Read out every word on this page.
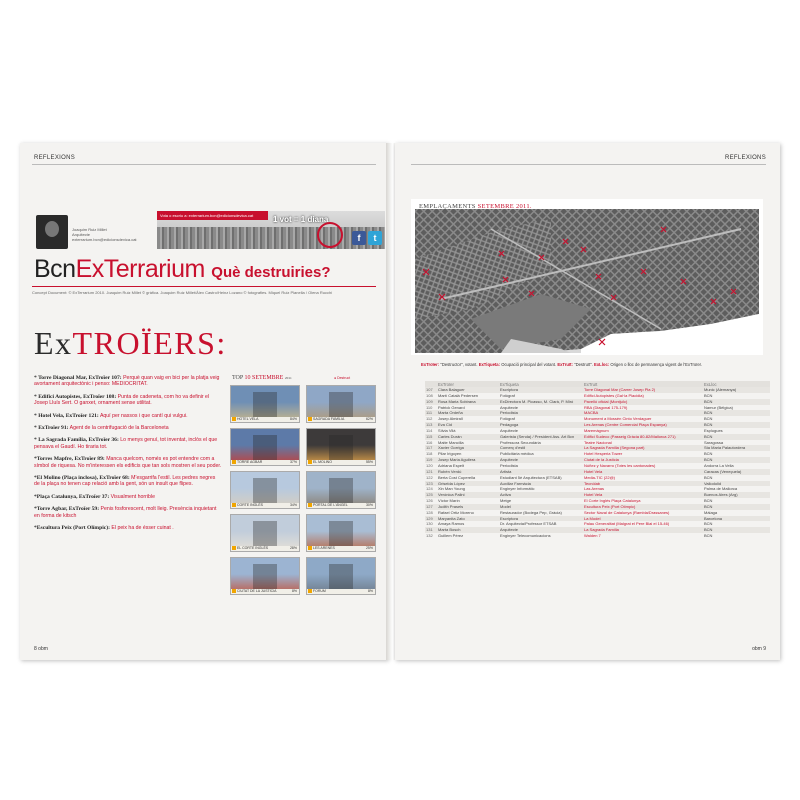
REFLEXIONS
Joaquim Ruiz Millet
Arquitecte
exterrarium.bcn@edicionsdevica.cat
Vota o escriu a: exterrarium.bcn@edicionsdevica.cat	1 vot = 1 diana
f	t
BcnExTerrarium Què destruiries?
Concept Document: © ExTerrarium 2010. Joaquim Ruiz Millet © gràfica. Joaquim Ruiz Millet/Àlex Castro/Heinz Lozano © fotografies. Miquel Ruiz Planella / Olena Rucchi
ExTROÏERS:
* Torre Diagonal Mar, ExTroïer 107: Perquè quan vaig en bici per la platja veig avortament arquitectònic i penso: MEDIOCRITAT.
* Edifici Autopistes, ExTroïer 108: Punta de cadeneta, com ho va definir el Josep Lluís Sert. O ganxet, ornament sense utilitat.
* Hotel Vela, ExTroïer 121: Aquí per nassos i que cantí qui vulgui.
* ExTroïer 91: Agent de la centrifugació de la Barceloneta
* La Sagrada Família, ExTroïer 36: Lo menys genuí, tot inventat, inclòs el que pensava el Gaudí. Ho tiraria tot.
*Torres Mapfre, ExTroïer 89: Manca quelcom, només es pot entendre com a símbol de riquesa. No m'interessen els edificis que tan sols mostren el seu poder.
*El Molino (Plaça inclosa), ExTroïer 68: M'esgarrifa l'estil. Les pedres negres de la plaça no tenen cap relació amb la gent, són un insult que flipes.
*Plaça Catalunya, ExTroïer 37: Visualment horrible
*Torre Agbar, ExTroïer 59: Penis fosforescent, molt lleig. Presència inquietant en forma de kitsch
*Escultura Peix (Port Olímpic): El peix ha de ésser cuinat .
TOP 10 SETEMBRE 2011	● Destruct
HOTEL VELA	84%	SAGRADA FAMÍLIA	62%
TORRE AGBAR	37%	EL MOLINO	55%
CORTE INGLÉS	34%	PORTAL DE L'ÀNGEL	30%
EL CORTE INGLÉS	28%	LES ARENES	25%
CIUTAT DE LA JUSTÍCIA	8%	FORUM	8%
8 obm
REFLEXIONS
EMPLAÇAMENTS SETEMBRE 2011.
ExTroïer: "Destructor", votant. ExTiqueta: Ocupació principal del votant. ExTruït: "Destruït". ExLloc: Origen o lloc de permanença vigent de l'ExTroïer.
	ExTroïer	ExTiqueta	ExTruït	ExLloc
107	Clara Balaguer	Escriptora	Torre Diagonal Mar (Carrer Josep Pla 2)	Munic (Alemanya)
108	Martí Català Pedersen	Fotògraf	Edifici Autopistes (Gal·la Placidia)	BCN
109	Rosa Maria Sobirana	ExDirectora M. Picasso, M. Clarà, P. Miró	Pavelló oficial (Montjuïc)	BCN
110	Patrick Genard	Arquitecte	RBA (Diagonal 175-179)	Namur (Bèlgica)
111	Marta Ordeña	Periodista	MACBA	BCN
112	Josep Almirall	Fotògraf	Monument a Mossèn Cinto Verdaguer	BCN
113	Eva Cid	Pedagoga	Les Arenas (Centre Comercial Plaça Espanya)	BCN
114	Sílvia Vilà	Arquitecte	Maremàgnum	Esplugues
115	Carles Durán	Galerista (Senda) / President Ass. Art Bcn	Edifici Sudeco (Passeig Gràcia 80-82/Mallorca 271)	BCN
116	Maite Mancilla	Professora Secundària	Teatre Nacional	Saragossa
117	Xavier Gorriga	Comerç d'estil	La Sagrada Família (Segona part)	Sta Maria Palautordera
118	Pilar Irigoyen	Publicitària mèdica	Hotel Hesperia Tower	BCN
119	Josep Maria Aguilera	Arquitecte	Ciutat de la Justícia	BCN
120	Adriana Espelt	Periodista	Núñez y Navarro (Totes les cantonades)	Andorra La Vella
121	Rubén Verdú	Artista	Hotel Vela	Caracas (Veneçuela)
122	Berta Cost Cuperella	Estudiant 5è Arquitectura (ETSAB)	Media-TIC (22@)	BCN
123	Griselda López	Auxiliar Farmàcia	Tecnòlab	Vallodolid
124	Xin Man Young	Enginyer Informàtic	Las Arenas	Palma de Mallorca
125	Verónica Palini	Activa	Hotel Vela	Buenos Aires (Arg)
126	Víctor Marín	Metge	El Corte Inglés Plaça Catalunya	BCN
127	Judith Prasels	Model	Escultura Peix (Port Olímpic)	BCN
128	Rafael Ortiz Moreno	Restaurador (Bodega Pep, Gràcia)	Sector Naval de Catalunya (Rambla/Drassanes)	Màlaga
129	Maryanita Zato	Escriptora	La Model	Barcelona
130	Amaya Ramos	Dr. Arquitecta/Professor ETSAB	Palau Generalitat (Malgrat el Pere Blai el 15-46)	BCN
131	Marta Bosch	Arquitecte	La Sagrada Família	BCN
132	Guillem Pérez	Enginyer Telecomunicacions	Walden 7	BCN
obm 9
